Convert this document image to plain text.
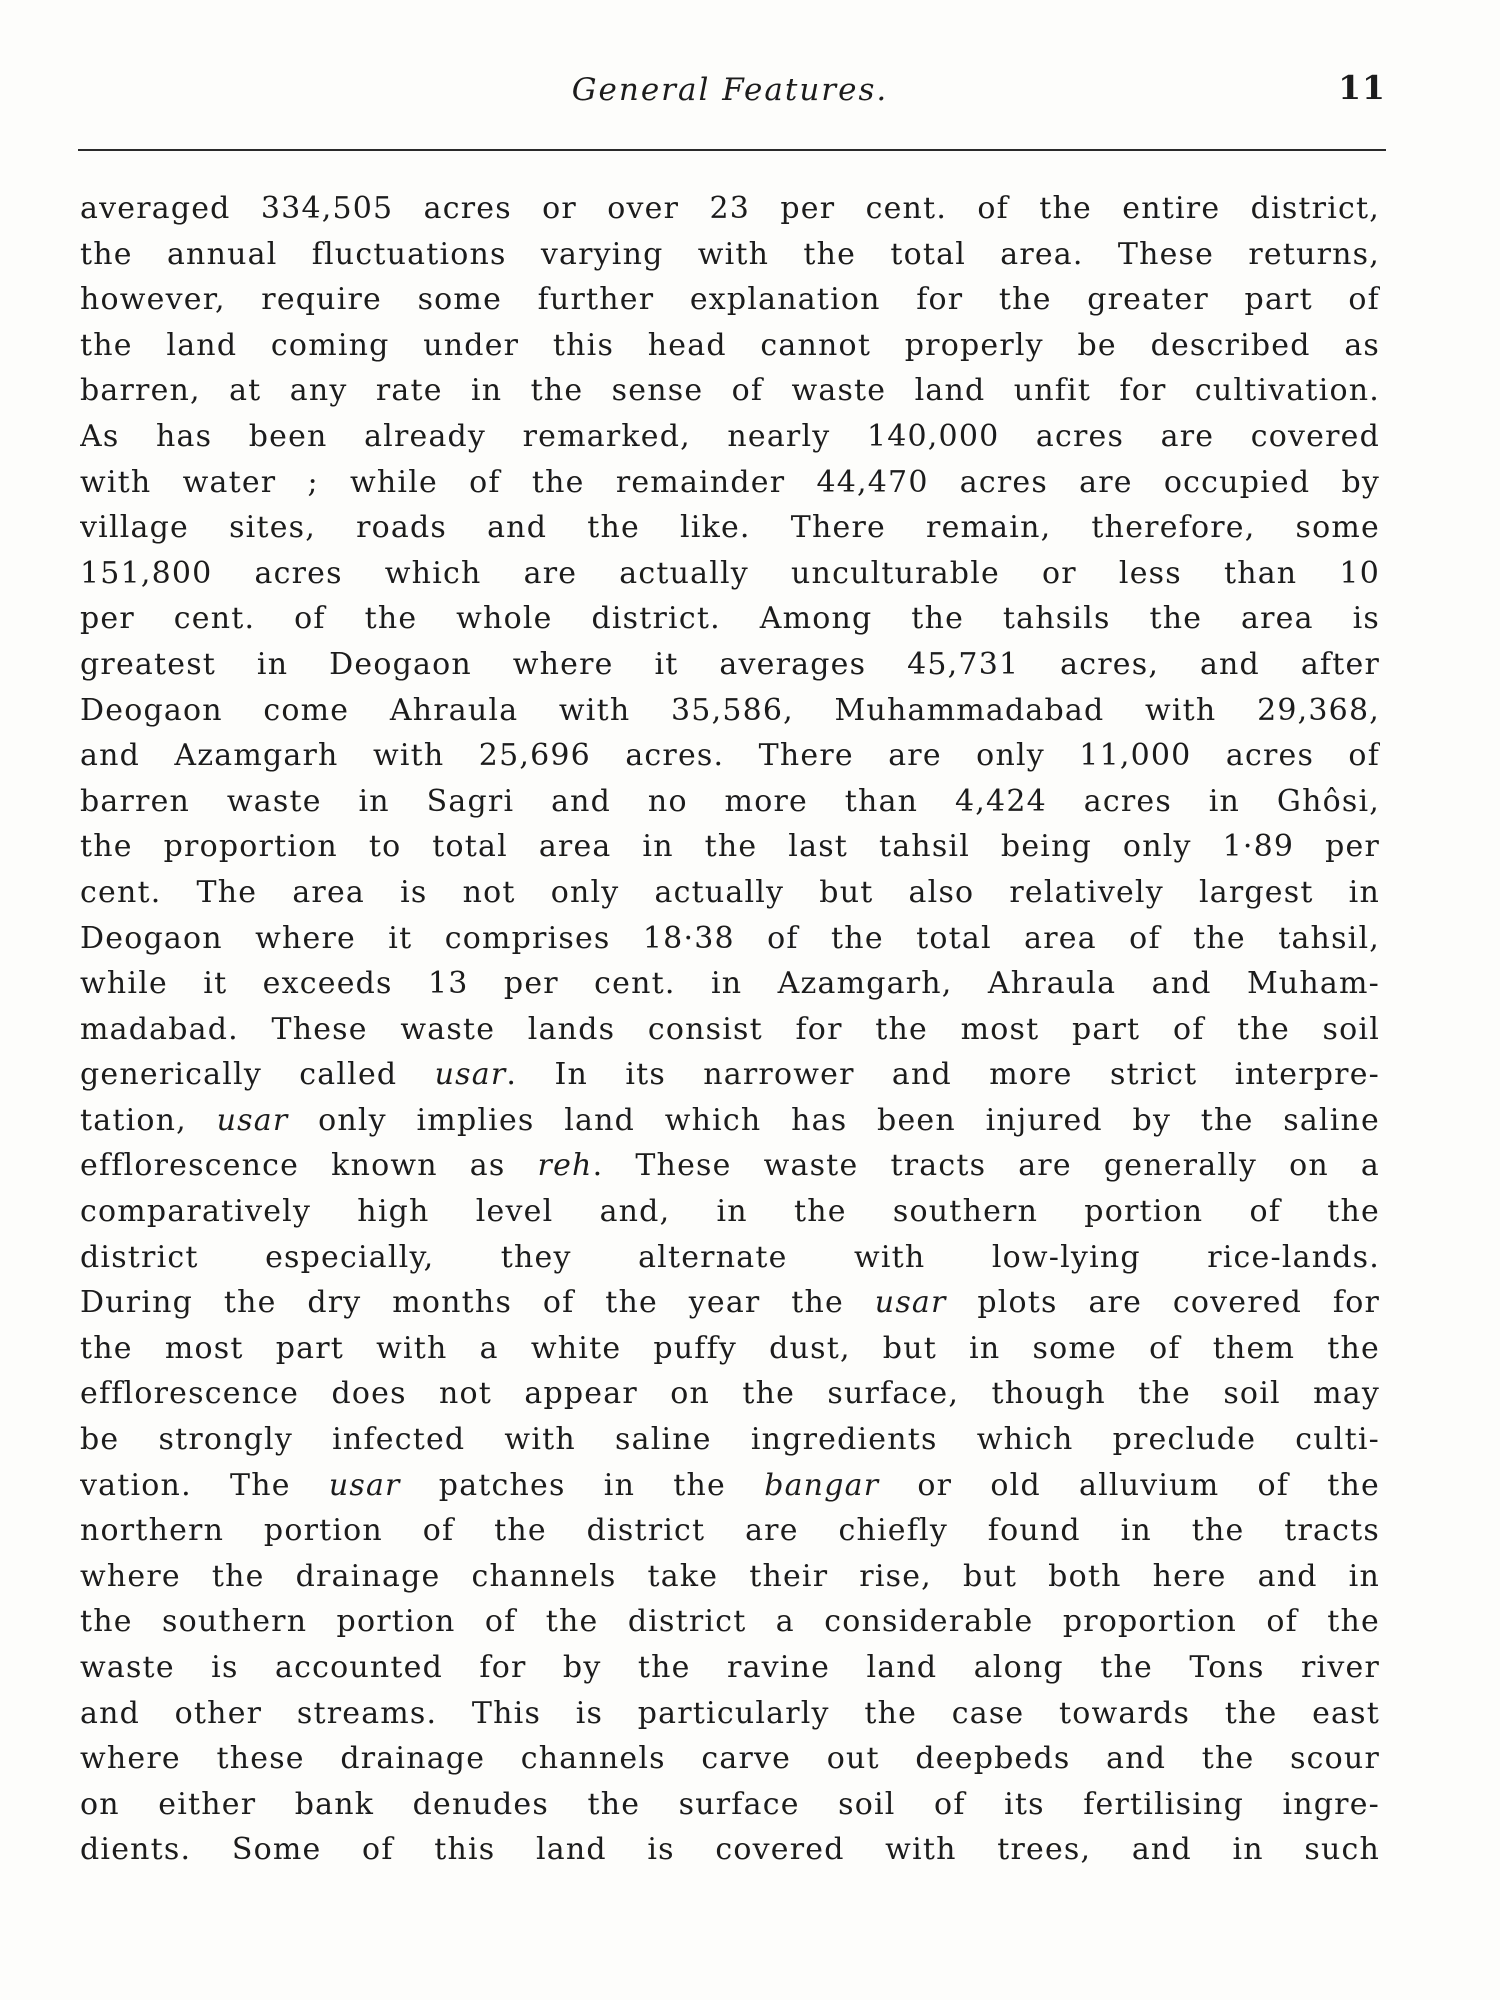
General Features.	11
averaged 334,505 acres or over 23 per cent. of the entire district,
the annual fluctuations varying with the total area. These returns,
however, require some further explanation for the greater part of
the land coming under this head cannot properly be described as
barren, at any rate in the sense of waste land unfit for cultivation.
As has been already remarked, nearly 140,000 acres are covered
with water ; while of the remainder 44,470 acres are occupied by
village sites, roads and the like. There remain, therefore, some
151,800 acres which are actually unculturable or less than 10
per cent. of the whole district. Among the tahsils the area is
greatest in Deogaon where it averages 45,731 acres, and after
Deogaon come Ahraula with 35,586, Muhammadabad with 29,368,
and Azamgarh with 25,696 acres. There are only 11,000 acres of
barren waste in Sagri and no more than 4,424 acres in Ghôsi,
the proportion to total area in the last tahsil being only 1·89 per
cent. The area is not only actually but also relatively largest in
Deogaon where it comprises 18·38 of the total area of the tahsil,
while it exceeds 13 per cent. in Azamgarh, Ahraula and Muham-
madabad. These waste lands consist for the most part of the soil
generically called usar. In its narrower and more strict interpre-
tation, usar only implies land which has been injured by the saline
efflorescence known as reh. These waste tracts are generally on a
comparatively high level and, in the southern portion of the
district especially, they alternate with low-lying rice-lands.
During the dry months of the year the usar plots are covered for
the most part with a white puffy dust, but in some of them the
efflorescence does not appear on the surface, though the soil may
be strongly infected with saline ingredients which preclude culti-
vation. The usar patches in the bangar or old alluvium of the
northern portion of the district are chiefly found in the tracts
where the drainage channels take their rise, but both here and in
the southern portion of the district a considerable proportion of the
waste is accounted for by the ravine land along the Tons river
and other streams. This is particularly the case towards the east
where these drainage channels carve out deepbeds and the scour
on either bank denudes the surface soil of its fertilising ingre-
dients. Some of this land is covered with trees, and in such
